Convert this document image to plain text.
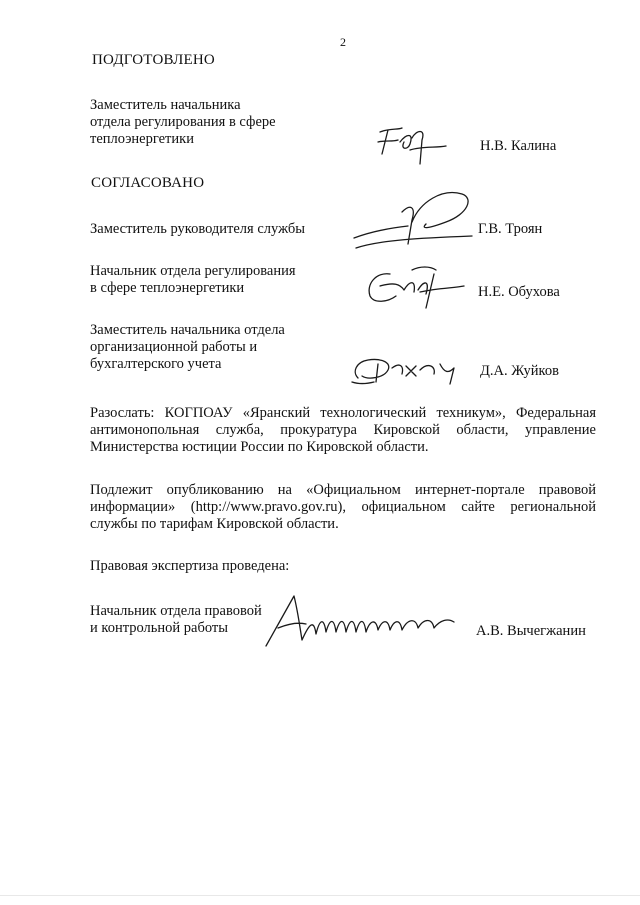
2
ПОДГОТОВЛЕНО
Заместитель начальника
отдела регулирования в сфере
теплоэнергетики	Н.В. Калина
СОГЛАСОВАНО
Заместитель руководителя службы	Г.В. Троян
Начальник отдела регулирования
в сфере теплоэнергетики	Н.Е. Обухова
Заместитель начальника отдела
организационной работы и
бухгалтерского учета	Д.А. Жуйков
Разослать: КОГПОАУ «Яранский технологический техникум», Федеральная антимонопольная служба, прокуратура Кировской области, управление Министерства юстиции России по Кировской области.
Подлежит опубликованию на «Официальном интернет-портале правовой информации» (http://www.pravo.gov.ru), официальном сайте региональной службы по тарифам Кировской области.
Правовая экспертиза проведена:
Начальник отдела правовой
и контрольной работы	А.В. Вычегжанин
